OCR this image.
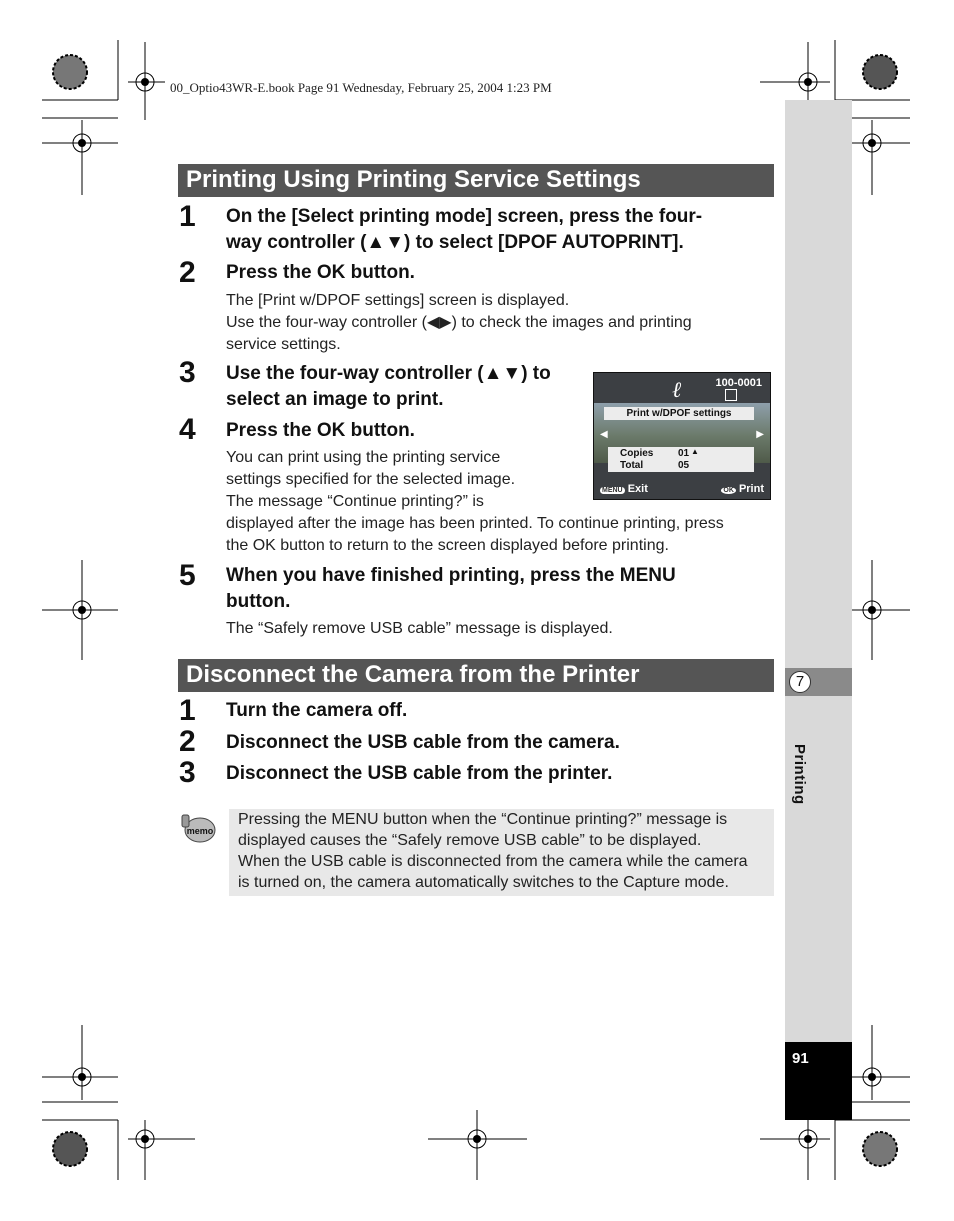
00_Optio43WR-E.book Page 91 Wednesday, February 25, 2004 1:23 PM
7
Printing
91
Printing Using Printing Service Settings
1 On the [Select printing mode] screen, press the four-
way controller (▲▼) to select [DPOF AUTOPRINT].
2 Press the OK button.
The [Print w/DPOF settings] screen is displayed.
Use the four-way controller (◀▶) to check the images and printing
service settings.
3 Use the four-way controller (▲▼) to
select an image to print.
4 Press the OK button.
You can print using the printing service
settings specified for the selected image.
The message “Continue printing?” is
displayed after the image has been printed. To continue printing, press
the OK button to return to the screen displayed before printing.
ℓ	100-0001
Print w/DPOF settings
◀	▶
Copies 01 ▲

Total	05
MENU Exit	OK Print
5 When you have finished printing, press the MENU
button.
The “Safely remove USB cable” message is displayed.
Disconnect the Camera from the Printer
1 Turn the camera off.
2 Disconnect the USB cable from the camera.
3 Disconnect the USB cable from the printer.
memo
Pressing the MENU button when the “Continue printing?” message is
displayed causes the “Safely remove USB cable” to be displayed.
When the USB cable is disconnected from the camera while the camera
is turned on, the camera automatically switches to the Capture mode.
